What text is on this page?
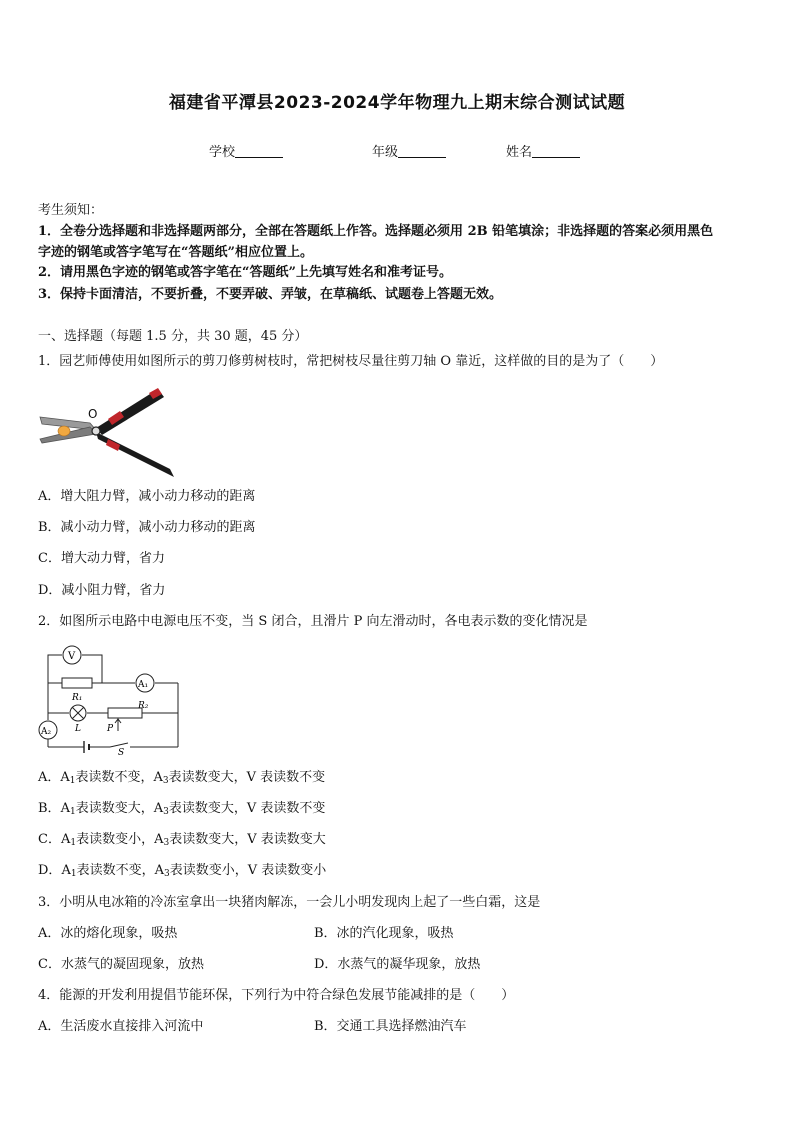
福建省平潭县2023-2024学年物理九上期末综合测试试题
学校	年级	姓名
考生须知：
1．全卷分选择题和非选择题两部分，全部在答题纸上作答。选择题必须用 2B 铅笔填涂；非选择题的答案必须用黑色
字迹的钢笔或答字笔写在“答题纸”相应位置上。
2．请用黑色字迹的钢笔或答字笔在“答题纸”上先填写姓名和准考证号。
3．保持卡面清洁，不要折叠，不要弄破、弄皱，在草稿纸、试题卷上答题无效。
一、选择题（每题 1.5 分，共 30 题，45 分）
1．园艺师傅使用如图所示的剪刀修剪树枝时，常把树枝尽量往剪刀轴 O 靠近，这样做的目的是为了（　　）
O
A．增大阻力臂，减小动力移动的距离
B．减小动力臂，减小动力移动的距离
C．增大动力臂，省力
D．减小阻力臂，省力
2．如图所示电路中电源电压不变，当 S 闭合，且滑片 P 向左滑动时，各电表示数的变化情况是
V
A₁
A₂
R₁
R₂
L	P
S
A．$A_1$表读数不变，$A_3$表读数变大，V 表读数不变
B．$A_1$表读数变大，$A_3$表读数变大，V 表读数不变
C．$A_1$表读数变小，$A_3$表读数变大，V 表读数变大
D．$A_1$表读数不变，$A_3$表读数变小，V 表读数变小
3．小明从电冰箱的冷冻室拿出一块猪肉解冻，一会儿小明发现肉上起了一些白霜，这是
A．冰的熔化现象，吸热	B．冰的汽化现象，吸热
C．水蒸气的凝固现象，放热	D．水蒸气的凝华现象，放热
4．能源的开发利用提倡节能环保，下列行为中符合绿色发展节能减排的是（　　）
A．生活废水直接排入河流中	B．交通工具选择燃油汽车
